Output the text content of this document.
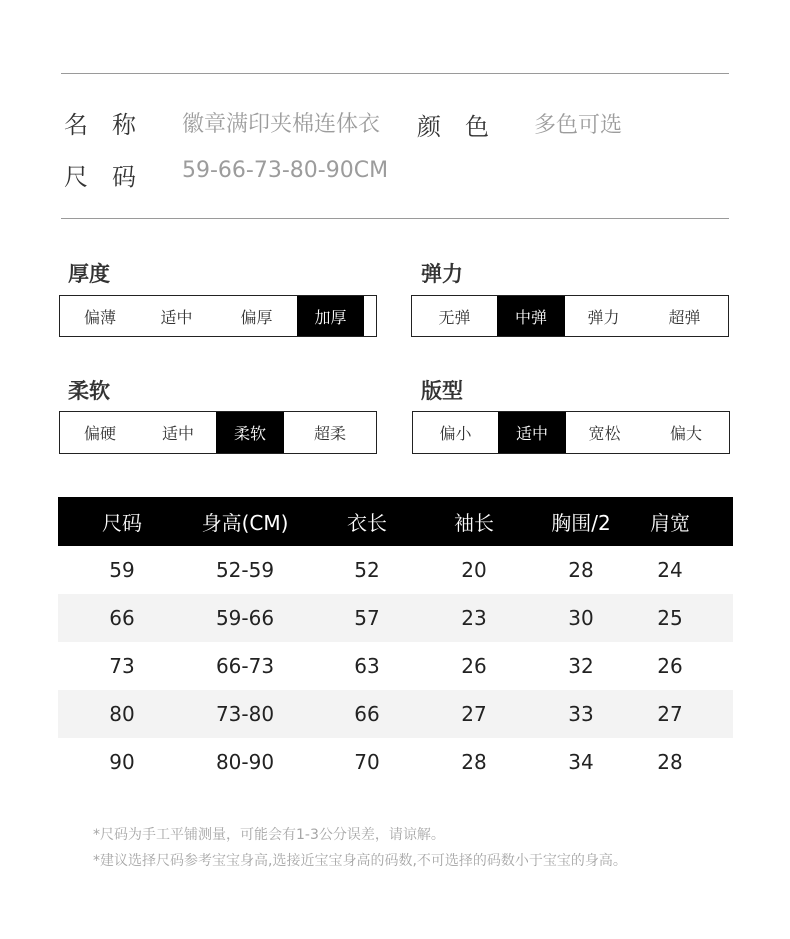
名　称 徽章满印夹棉连体衣 颜　色 多色可选
尺　码 59-66-73-80-90CM
厚度
偏薄	适中	偏厚	加厚
弹力
无弹	中弹	弹力	超弹
柔软
偏硬	适中	柔软	超柔
版型
偏小	适中	宽松	偏大
尺码	身高(CM)	衣长	袖长	胸围/2	肩宽
59	52-59	52	20	28	24
66	59-66	57	23	30	25
73	66-73	63	26	32	26
80	73-80	66	27	33	27
90	80-90	70	28	34	28
*尺码为手工平铺测量，可能会有1-3公分误差，请谅解。
*建议选择尺码参考宝宝身高,选接近宝宝身高的码数,不可选择的码数小于宝宝的身高。
